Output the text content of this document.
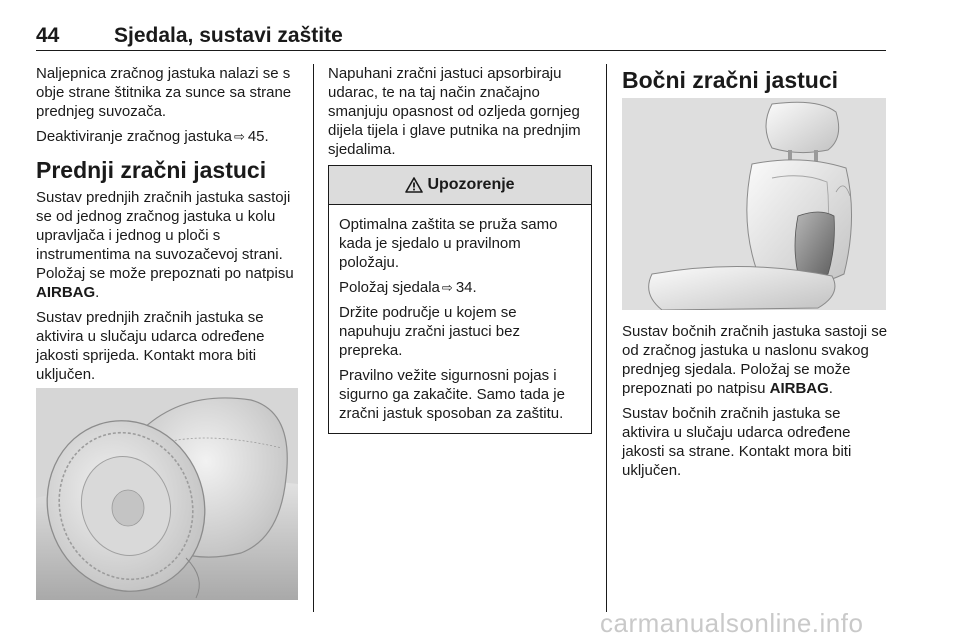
44	Sjedala, sustavi zaštite

Naljepnica zračnog jastuka nalazi se s obje strane štitnika za sunce sa strane prednjeg suvozača.

Deaktiviranje zračnog jastuka ⇨ 45.

Prednji zračni jastuci

Sustav prednjih zračnih jastuka sastoji se od jednog zračnog jastuka u kolu upravljača i jednog u ploči s instrumentima na suvozačevoj strani. Položaj se može prepoznati po natpisu AIRBAG.

Sustav prednjih zračnih jastuka se aktivira u slučaju udarca određene jakosti sprijeda. Kontakt mora biti uključen.

Napuhani zračni jastuci apsorbiraju udarac, te na taj način značajno smanjuju opasnost od ozljeda gornjeg dijela tijela i glave putnika na prednjim sjedalima.

Upozorenje

Optimalna zaštita se pruža samo kada je sjedalo u pravilnom položaju.

Položaj sjedala ⇨ 34.

Držite područje u kojem se napuhuju zračni jastuci bez prepreka.

Pravilno vežite sigurnosni pojas i sigurno ga zakačite. Samo tada je zračni jastuk sposoban za zaštitu.

Bočni zračni jastuci

Sustav bočnih zračnih jastuka sastoji se od zračnog jastuka u naslonu svakog prednjeg sjedala. Položaj se može prepoznati po natpisu AIRBAG.

Sustav bočnih zračnih jastuka se aktivira u slučaju udarca određene jakosti sa strane. Kontakt mora biti uključen.

carmanualsonline.info
